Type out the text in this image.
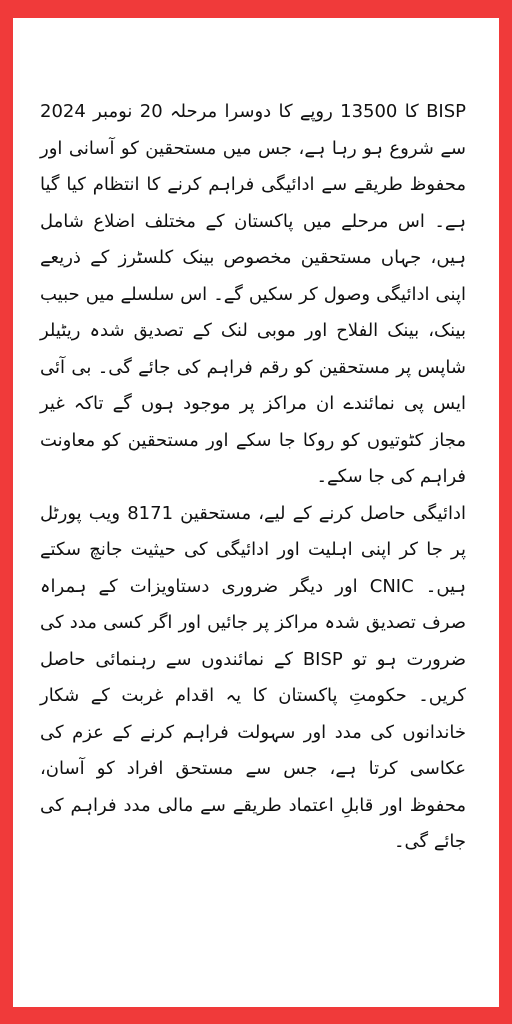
BISP کا 13500 روپے کا دوسرا مرحلہ 20 نومبر 2024 سے شروع ہو رہا ہے، جس میں مستحقین کو آسانی اور محفوظ طریقے سے ادائیگی فراہم کرنے کا انتظام کیا گیا ہے۔ اس مرحلے میں پاکستان کے مختلف اضلاع شامل ہیں، جہاں مستحقین مخصوص بینک کلسٹرز کے ذریعے اپنی ادائیگی وصول کر سکیں گے۔ اس سلسلے میں حبیب بینک، بینک الفلاح اور موبی لنک کے تصدیق شدہ ریٹیلر شاپس پر مستحقین کو رقم فراہم کی جائے گی۔ بی آئی ایس پی نمائندے ان مراکز پر موجود ہوں گے تاکہ غیر مجاز کٹوتیوں کو روکا جا سکے اور مستحقین کو معاونت فراہم کی جا سکے۔

ادائیگی حاصل کرنے کے لیے، مستحقین 8171 ویب پورٹل پر جا کر اپنی اہلیت اور ادائیگی کی حیثیت جانچ سکتے ہیں۔ CNIC اور دیگر ضروری دستاویزات کے ہمراہ صرف تصدیق شدہ مراکز پر جائیں اور اگر کسی مدد کی ضرورت ہو تو BISP کے نمائندوں سے رہنمائی حاصل کریں۔ حکومتِ پاکستان کا یہ اقدام غربت کے شکار خاندانوں کی مدد اور سہولت فراہم کرنے کے عزم کی عکاسی کرتا ہے، جس سے مستحق افراد کو آسان، محفوظ اور قابلِ اعتماد طریقے سے مالی مدد فراہم کی جائے گی۔
